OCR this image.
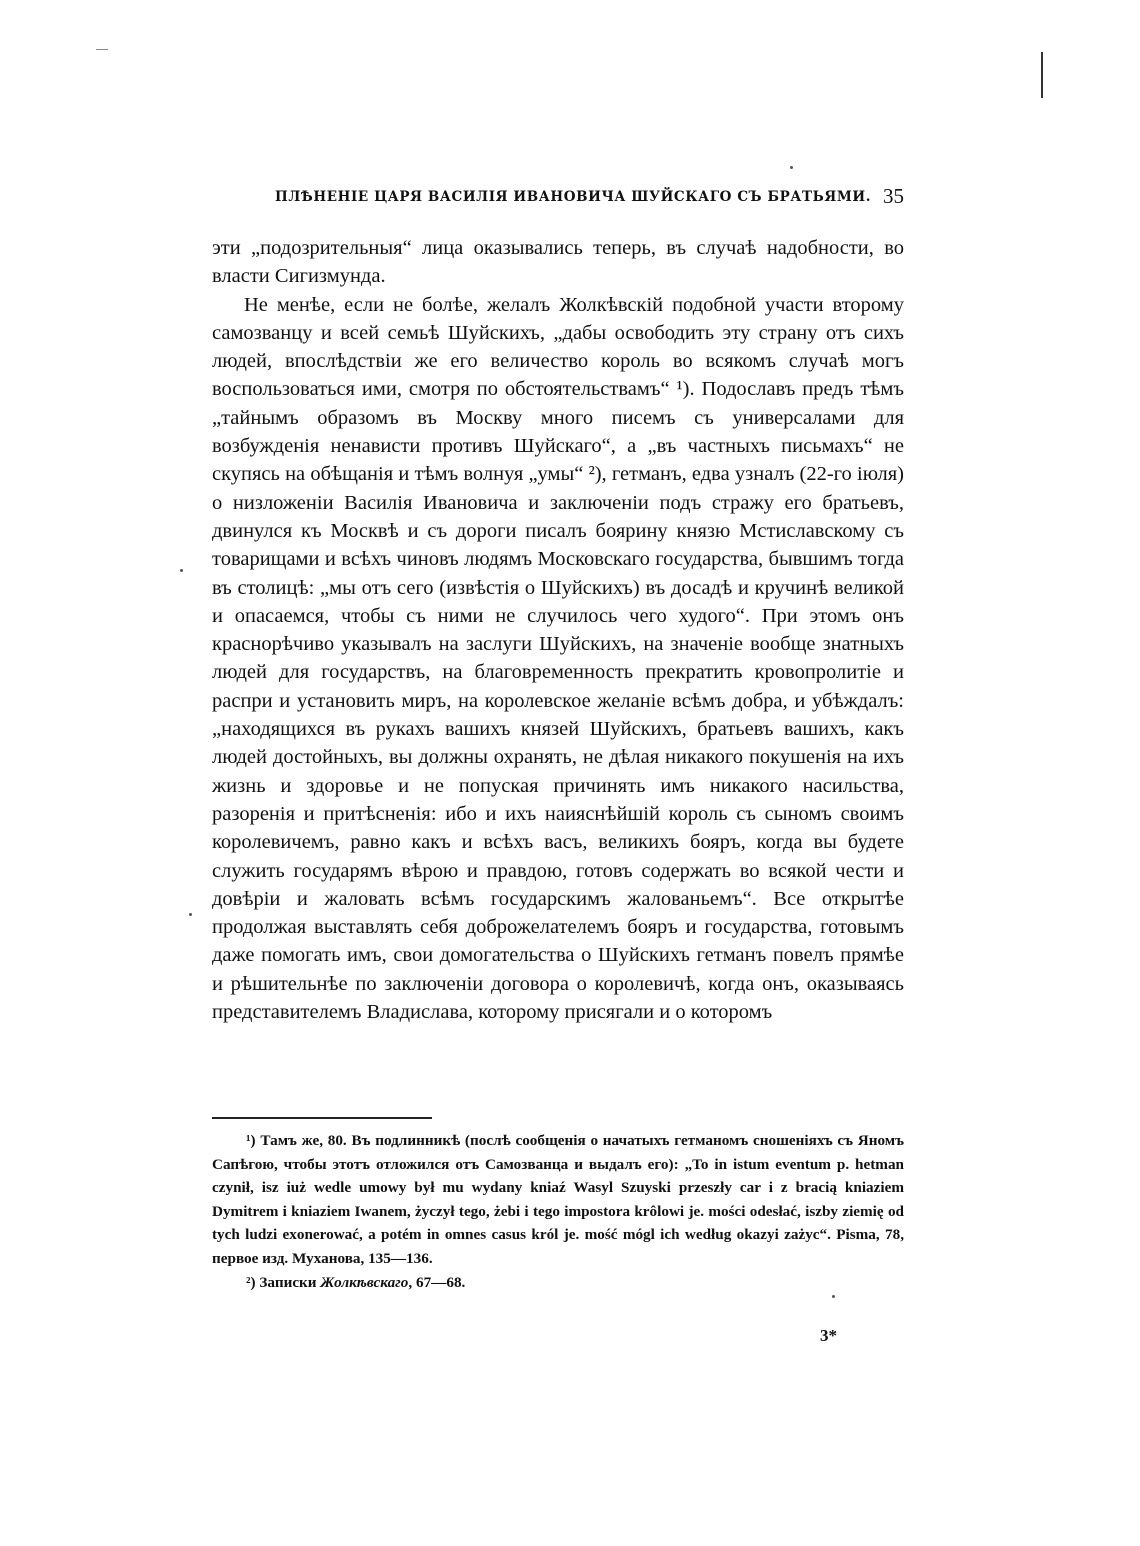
ПЛѢНЕНІЕ ЦАРЯ ВАСИЛІЯ ИВАНОВИЧА ШУЙСКАГО СЪ БРАТЬЯМИ. 35

эти „подозрительныя“ лица оказывались теперь, въ случаѣ надобности, во власти Сигизмунда.

Не менѣе, если не болѣе, желалъ Жолкѣвскій подобной участи второму самозванцу и всей семьѣ Шуйскихъ, „дабы освободить эту страну отъ сихъ людей, впослѣдствіи же его величество король во всякомъ случаѣ могъ воспользоваться ими, смотря по обстоятельствамъ“ ¹). Подославъ предъ тѣмъ „тайнымъ образомъ въ Москву много писемъ съ универсалами для возбужденія ненависти противъ Шуйскаго“, а „въ частныхъ письмахъ“ не скупясь на обѣщанія и тѣмъ волнуя „умы“ ²), гетманъ, едва узналъ (22-го іюля) о низложеніи Василія Ивановича и заключеніи подъ стражу его братьевъ, двинулся къ Москвѣ и съ дороги писалъ боярину князю Мстиславскому съ товарищами и всѣхъ чиновъ людямъ Московскаго государства, бывшимъ тогда въ столицѣ: „мы отъ сего (извѣстія о Шуйскихъ) въ досадѣ и кручинѣ великой и опасаемся, чтобы съ ними не случилось чего худого“. При этомъ онъ краснорѣчиво указывалъ на заслуги Шуйскихъ, на значеніе вообще знатныхъ людей для государствъ, на благовременность прекратить кровопролитіе и распри и установить миръ, на королевское желаніе всѣмъ добра, и убѣждалъ: „находящихся въ рукахъ вашихъ князей Шуйскихъ, братьевъ вашихъ, какъ людей достойныхъ, вы должны охранять, не дѣлая никакого покушенія на ихъ жизнь и здоровье и не попуская причинять имъ никакого насильства, разоренія и притѣсненія: ибо и ихъ наияснѣйшій король съ сыномъ своимъ королевичемъ, равно какъ и всѣхъ васъ, великихъ бояръ, когда вы будете служить государямъ вѣрою и правдою, готовъ содержать во всякой чести и довѣріи и жаловать всѣмъ государскимъ жалованьемъ“. Все открытѣе продолжая выставлять себя доброжелателемъ бояръ и государства, готовымъ даже помогать имъ, свои домогательства о Шуйскихъ гетманъ повелъ прямѣе и рѣшительнѣе по заключеніи договора о королевичѣ, когда онъ, оказываясь представителемъ Владислава, которому присягали и о которомъ

¹) Тамъ же, 80. Въ подлинникѣ (послѣ сообщенія о начатыхъ гетманомъ сношеніяхъ съ Яномъ Сапѣгою, чтобы этотъ отложился отъ Самозванца и выдалъ его): „To in istum eventum p. hetman czynił, isz iuż wedle umowy był mu wydany kniaź Wasyl Szuyski przeszły car i z bracią kniaziem Dymitrem i kniaziem Iwanem, życzył tego, żebi i tego impostora krôlowi je. mości odesłać, iszby ziemię od tych ludzi exonerować, a potém in omnes casus król je. mość mógl ich według okazyi zażyc“. Pisma, 78, первое изд. Муханова, 135—136.

²) Записки Жолкѣвскаго, 67—68.

3*
